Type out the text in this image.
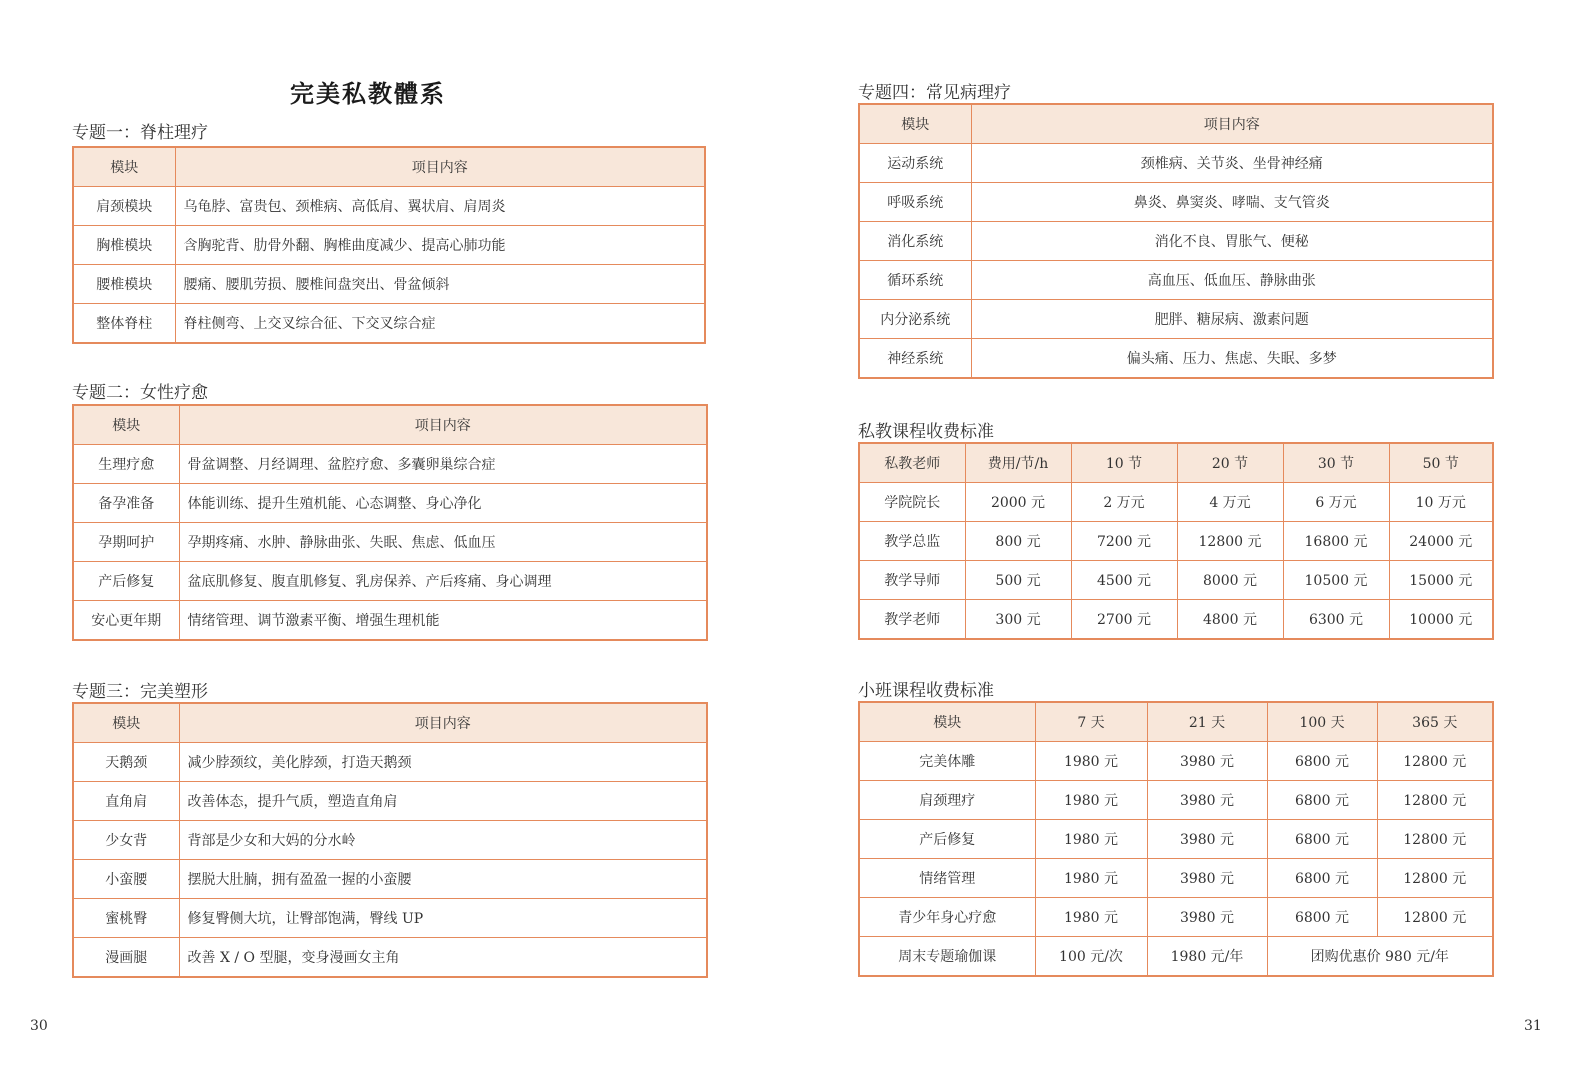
完美私教體系
专题一：脊柱理疗
模块	项目内容
肩颈模块	乌龟脖、富贵包、颈椎病、高低肩、翼状肩、肩周炎
胸椎模块	含胸驼背、肋骨外翻、胸椎曲度减少、提高心肺功能
腰椎模块	腰痛、腰肌劳损、腰椎间盘突出、骨盆倾斜
整体脊柱	脊柱侧弯、上交叉综合征、下交叉综合症
专题二：女性疗愈
模块	项目内容
生理疗愈	骨盆调整、月经调理、盆腔疗愈、多囊卵巢综合症
备孕准备	体能训练、提升生殖机能、心态调整、身心净化
孕期呵护	孕期疼痛、水肿、静脉曲张、失眠、焦虑、低血压
产后修复	盆底肌修复、腹直肌修复、乳房保养、产后疼痛、身心调理
安心更年期	情绪管理、调节激素平衡、增强生理机能
专题三：完美塑形
模块	项目内容
天鹅颈	减少脖颈纹，美化脖颈，打造天鹅颈
直角肩	改善体态，提升气质，塑造直角肩
少女背	背部是少女和大妈的分水岭
小蛮腰	摆脱大肚腩，拥有盈盈一握的小蛮腰
蜜桃臀	修复臀侧大坑，让臀部饱满，臀线 UP
漫画腿	改善 X / O 型腿，变身漫画女主角
专题四：常见病理疗
模块	项目内容
运动系统	颈椎病、关节炎、坐骨神经痛
呼吸系统	鼻炎、鼻窦炎、哮喘、支气管炎
消化系统	消化不良、胃胀气、便秘
循环系统	高血压、低血压、静脉曲张
内分泌系统	肥胖、糖尿病、激素问题
神经系统	偏头痛、压力、焦虑、失眠、多梦
私教课程收费标准
私教老师	费用/节/h	10 节	20 节	30 节	50 节
学院院长	2000 元	2 万元	4 万元	6 万元	10 万元
教学总监	800 元	7200 元	12800 元	16800 元	24000 元
教学导师	500 元	4500 元	8000 元	10500 元	15000 元
教学老师	300 元	2700 元	4800 元	6300 元	10000 元
小班课程收费标准
模块	7 天	21 天	100 天	365 天
完美体雕	1980 元	3980 元	6800 元	12800 元
肩颈理疗	1980 元	3980 元	6800 元	12800 元
产后修复	1980 元	3980 元	6800 元	12800 元
情绪管理	1980 元	3980 元	6800 元	12800 元
青少年身心疗愈	1980 元	3980 元	6800 元	12800 元
周末专题瑜伽课	100 元/次	1980 元/年	团购优惠价 980 元/年	
30	31
